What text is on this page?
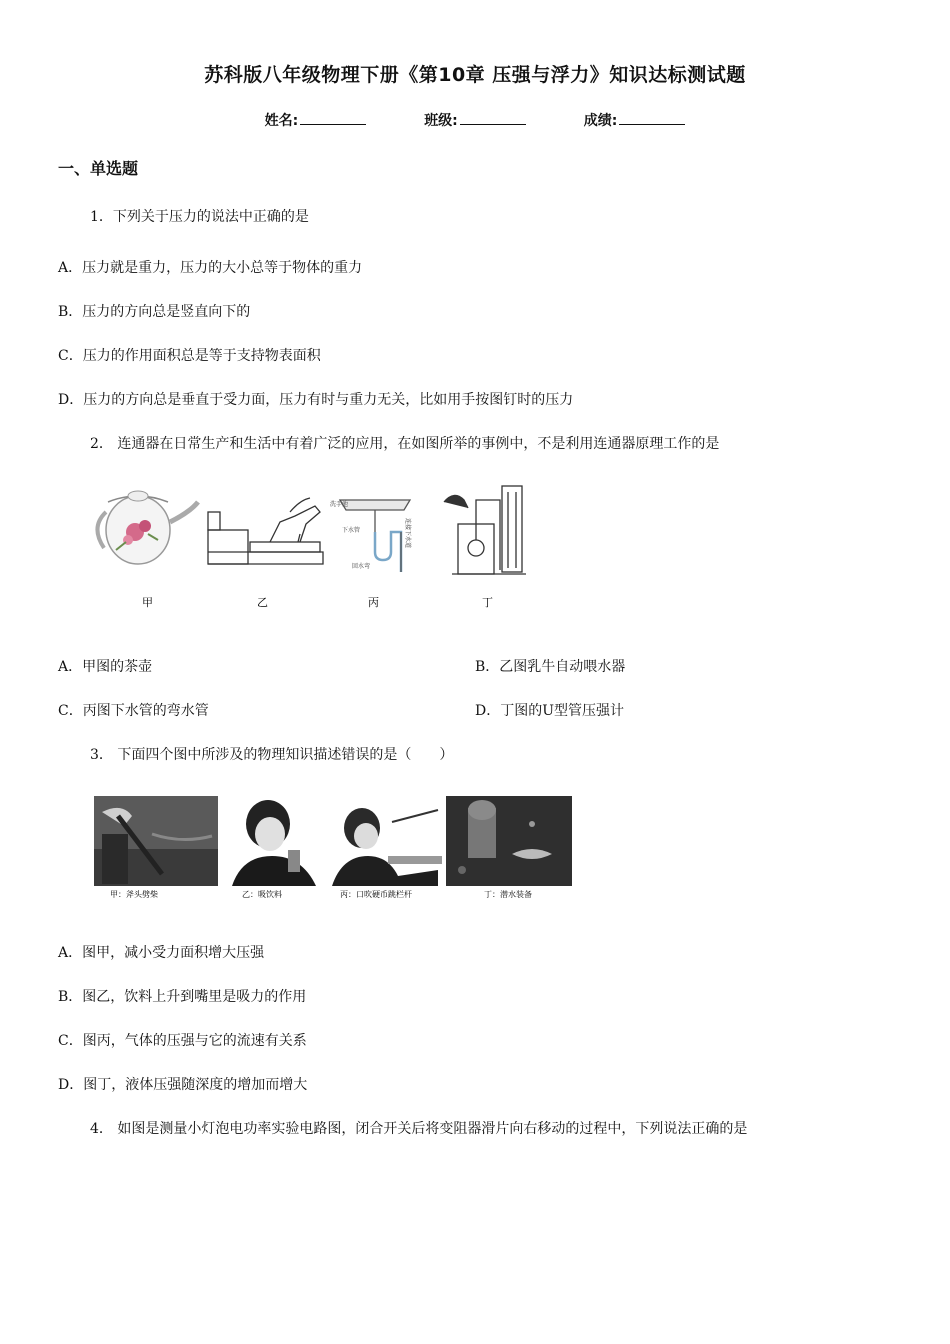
苏科版八年级物理下册《第10章 压强与浮力》知识达标测试题
姓名:	班级:	成绩:
一、单选题
1．下列关于压力的说法中正确的是
A．压力就是重力，压力的大小总等于物体的重力
B．压力的方向总是竖直向下的
C．压力的作用面积总是等于支持物表面积
D．压力的方向总是垂直于受力面，压力有时与重力无关，比如用手按图钉时的压力
2． 连通器在日常生产和生活中有着广泛的应用，在如图所举的事例中，不是利用连通器原理工作的是
洗手池
下水管
回水弯
连接下水道
甲	乙	丙	丁
A．甲图的茶壶	B．乙图乳牛自动喂水器
C．丙图下水管的弯水管	D．丁图的U型管压强计
3． 下面四个图中所涉及的物理知识描述错误的是（　　）
甲：斧头劈柴	乙：吸饮料	丙：口吹硬币跳栏杆	丁：潜水装备
A．图甲，减小受力面积增大压强
B．图乙，饮料上升到嘴里是吸力的作用
C．图丙，气体的压强与它的流速有关系
D．图丁，液体压强随深度的增加而增大
4． 如图是测量小灯泡电功率实验电路图，闭合开关后将变阻器滑片向右移动的过程中，下列说法正确的是
